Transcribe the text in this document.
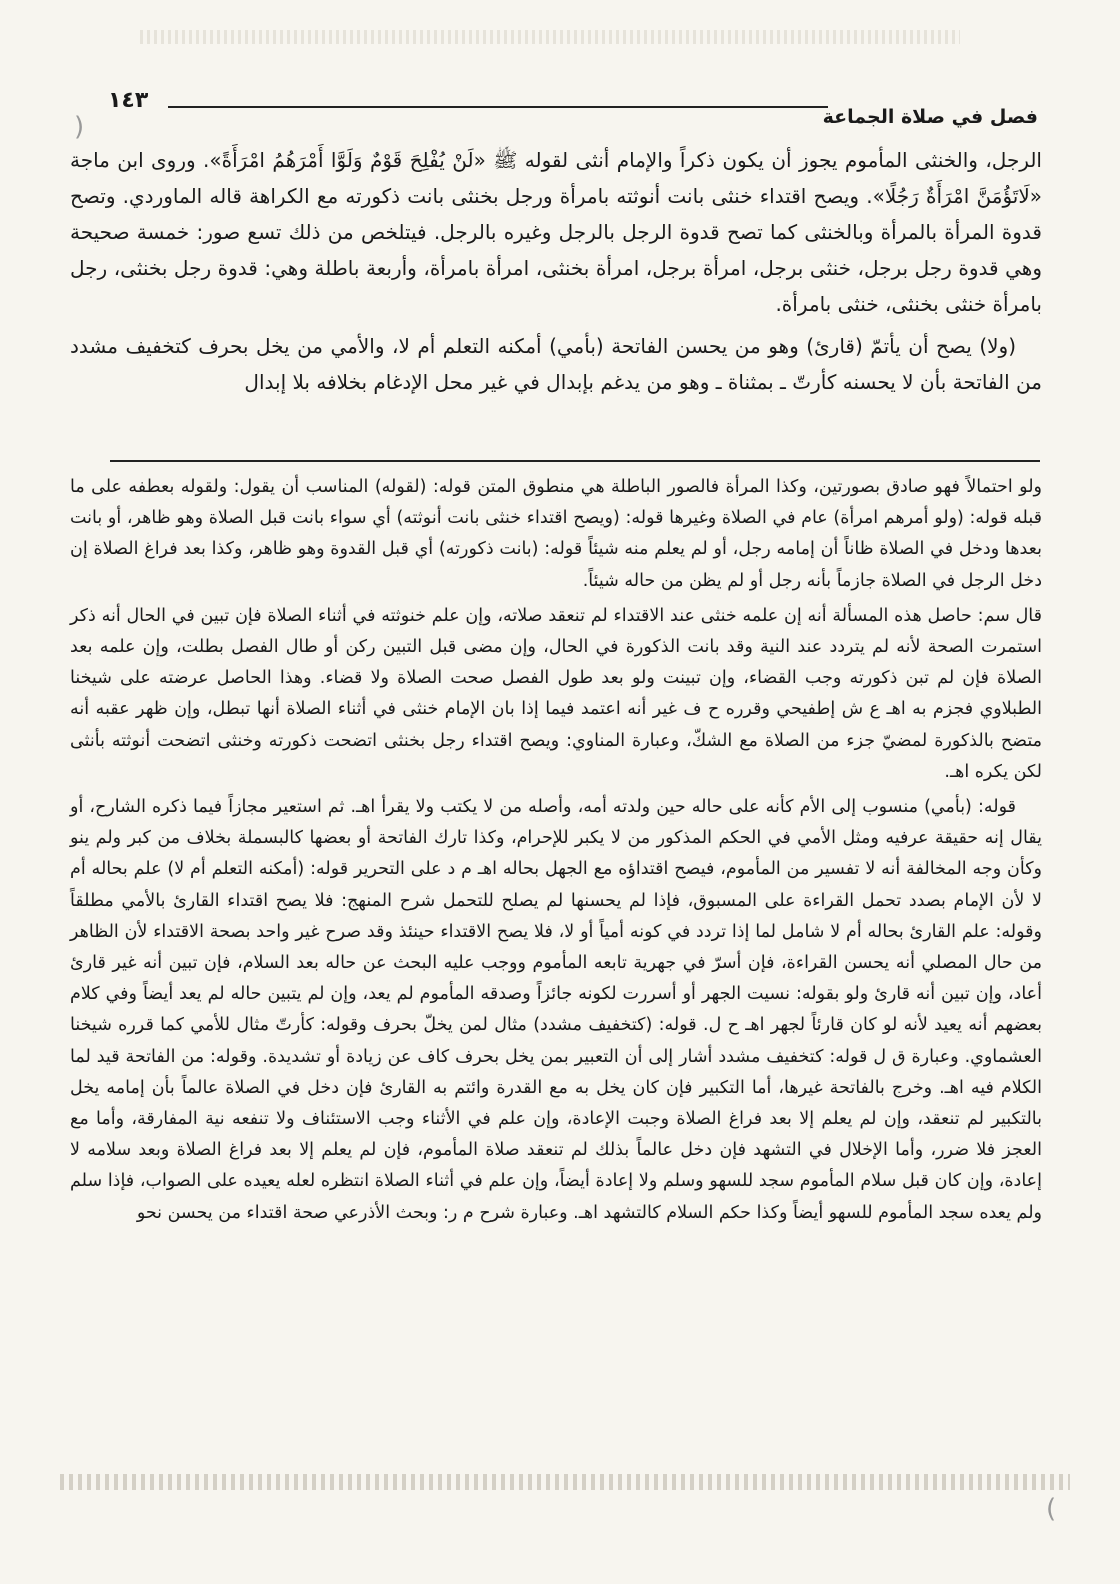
١٤٣
فصل في صلاة الجماعة

الرجل، والخنثى المأموم يجوز أن يكون ذكراً والإمام أنثى لقوله ﷺ «لَنْ يُفْلِحَ قَوْمٌ وَلَوَّا أَمْرَهُمُ امْرَأَةً». وروى ابن ماجة «لَاتَؤُمَنَّ امْرَأَةٌ رَجُلًا». ويصح اقتداء خنثى بانت أنوثته بامرأة ورجل بخنثى بانت ذكورته مع الكراهة قاله الماوردي. وتصح قدوة المرأة بالمرأة وبالخنثى كما تصح قدوة الرجل بالرجل وغيره بالرجل. فيتلخص من ذلك تسع صور: خمسة صحيحة وهي قدوة رجل برجل، خنثى برجل، امرأة برجل، امرأة بخنثى، امرأة بامرأة، وأربعة باطلة وهي: قدوة رجل بخنثى، رجل بامرأة خنثى بخنثى، خنثى بامرأة.

(ولا) يصح أن يأتمّ (قارئ) وهو من يحسن الفاتحة (بأمي) أمكنه التعلم أم لا، والأمي من يخل بحرف كتخفيف مشدد من الفاتحة بأن لا يحسنه كأرتّ ـ بمثناة ـ وهو من يدغم بإبدال في غير محل الإدغام بخلافه بلا إبدال

ولو احتمالاً فهو صادق بصورتين، وكذا المرأة فالصور الباطلة هي منطوق المتن قوله: (لقوله) المناسب أن يقول: ولقوله بعطفه على ما قبله قوله: (ولو أمرهم امرأة) عام في الصلاة وغيرها قوله: (ويصح اقتداء خنثى بانت أنوثته) أي سواء بانت قبل الصلاة وهو ظاهر، أو بانت بعدها ودخل في الصلاة ظاناً أن إمامه رجل، أو لم يعلم منه شيئاً قوله: (بانت ذكورته) أي قبل القدوة وهو ظاهر، وكذا بعد فراغ الصلاة إن دخل الرجل في الصلاة جازماً بأنه رجل أو لم يظن من حاله شيئاً.

قال سم: حاصل هذه المسألة أنه إن علمه خنثى عند الاقتداء لم تنعقد صلاته، وإن علم خنوثته في أثناء الصلاة فإن تبين في الحال أنه ذكر استمرت الصحة لأنه لم يتردد عند النية وقد بانت الذكورة في الحال، وإن مضى قبل التبين ركن أو طال الفصل بطلت، وإن علمه بعد الصلاة فإن لم تبن ذكورته وجب القضاء، وإن تبينت ولو بعد طول الفصل صحت الصلاة ولا قضاء. وهذا الحاصل عرضته على شيخنا الطبلاوي فجزم به اهـ ع ش إطفيحي وقرره ح ف غير أنه اعتمد فيما إذا بان الإمام خنثى في أثناء الصلاة أنها تبطل، وإن ظهر عقبه أنه متضح بالذكورة لمضيّ جزء من الصلاة مع الشكّ، وعبارة المناوي: ويصح اقتداء رجل بخنثى اتضحت ذكورته وخنثى اتضحت أنوثته بأنثى لكن يكره اهـ.

قوله: (بأمي) منسوب إلى الأم كأنه على حاله حين ولدته أمه، وأصله من لا يكتب ولا يقرأ اهـ. ثم استعير مجازاً فيما ذكره الشارح، أو يقال إنه حقيقة عرفيه ومثل الأمي في الحكم المذكور من لا يكبر للإحرام، وكذا تارك الفاتحة أو بعضها كالبسملة بخلاف من كبر ولم ينو وكأن وجه المخالفة أنه لا تفسير من المأموم، فيصح اقتداؤه مع الجهل بحاله اهـ م د على التحرير قوله: (أمكنه التعلم أم لا) علم بحاله أم لا لأن الإمام بصدد تحمل القراءة على المسبوق، فإذا لم يحسنها لم يصلح للتحمل شرح المنهج: فلا يصح اقتداء القارئ بالأمي مطلقاً وقوله: علم القارئ بحاله أم لا شامل لما إذا تردد في كونه أمياً أو لا، فلا يصح الاقتداء حينئذ وقد صرح غير واحد بصحة الاقتداء لأن الظاهر من حال المصلي أنه يحسن القراءة، فإن أسرّ في جهرية تابعه المأموم ووجب عليه البحث عن حاله بعد السلام، فإن تبين أنه غير قارئ أعاد، وإن تبين أنه قارئ ولو بقوله: نسيت الجهر أو أسررت لكونه جائزاً وصدقه المأموم لم يعد، وإن لم يتبين حاله لم يعد أيضاً وفي كلام بعضهم أنه يعيد لأنه لو كان قارئاً لجهر اهـ ح ل. قوله: (كتخفيف مشدد) مثال لمن يخلّ بحرف وقوله: كأرتّ مثال للأمي كما قرره شيخنا العشماوي. وعبارة ق ل قوله: كتخفيف مشدد أشار إلى أن التعبير بمن يخل بحرف كاف عن زيادة أو تشديدة. وقوله: من الفاتحة قيد لما الكلام فيه اهـ. وخرج بالفاتحة غيرها، أما التكبير فإن كان يخل به مع القدرة وائتم به القارئ فإن دخل في الصلاة عالماً بأن إمامه يخل بالتكبير لم تنعقد، وإن لم يعلم إلا بعد فراغ الصلاة وجبت الإعادة، وإن علم في الأثناء وجب الاستئناف ولا تنفعه نية المفارقة، وأما مع العجز فلا ضرر، وأما الإخلال في التشهد فإن دخل عالماً بذلك لم تنعقد صلاة المأموم، فإن لم يعلم إلا بعد فراغ الصلاة وبعد سلامه لا إعادة، وإن كان قبل سلام المأموم سجد للسهو وسلم ولا إعادة أيضاً، وإن علم في أثناء الصلاة انتظره لعله يعيده على الصواب، فإذا سلم ولم يعده سجد المأموم للسهو أيضاً وكذا حكم السلام كالتشهد اهـ. وعبارة شرح م ر: وبحث الأذرعي صحة اقتداء من يحسن نحو

(
)
